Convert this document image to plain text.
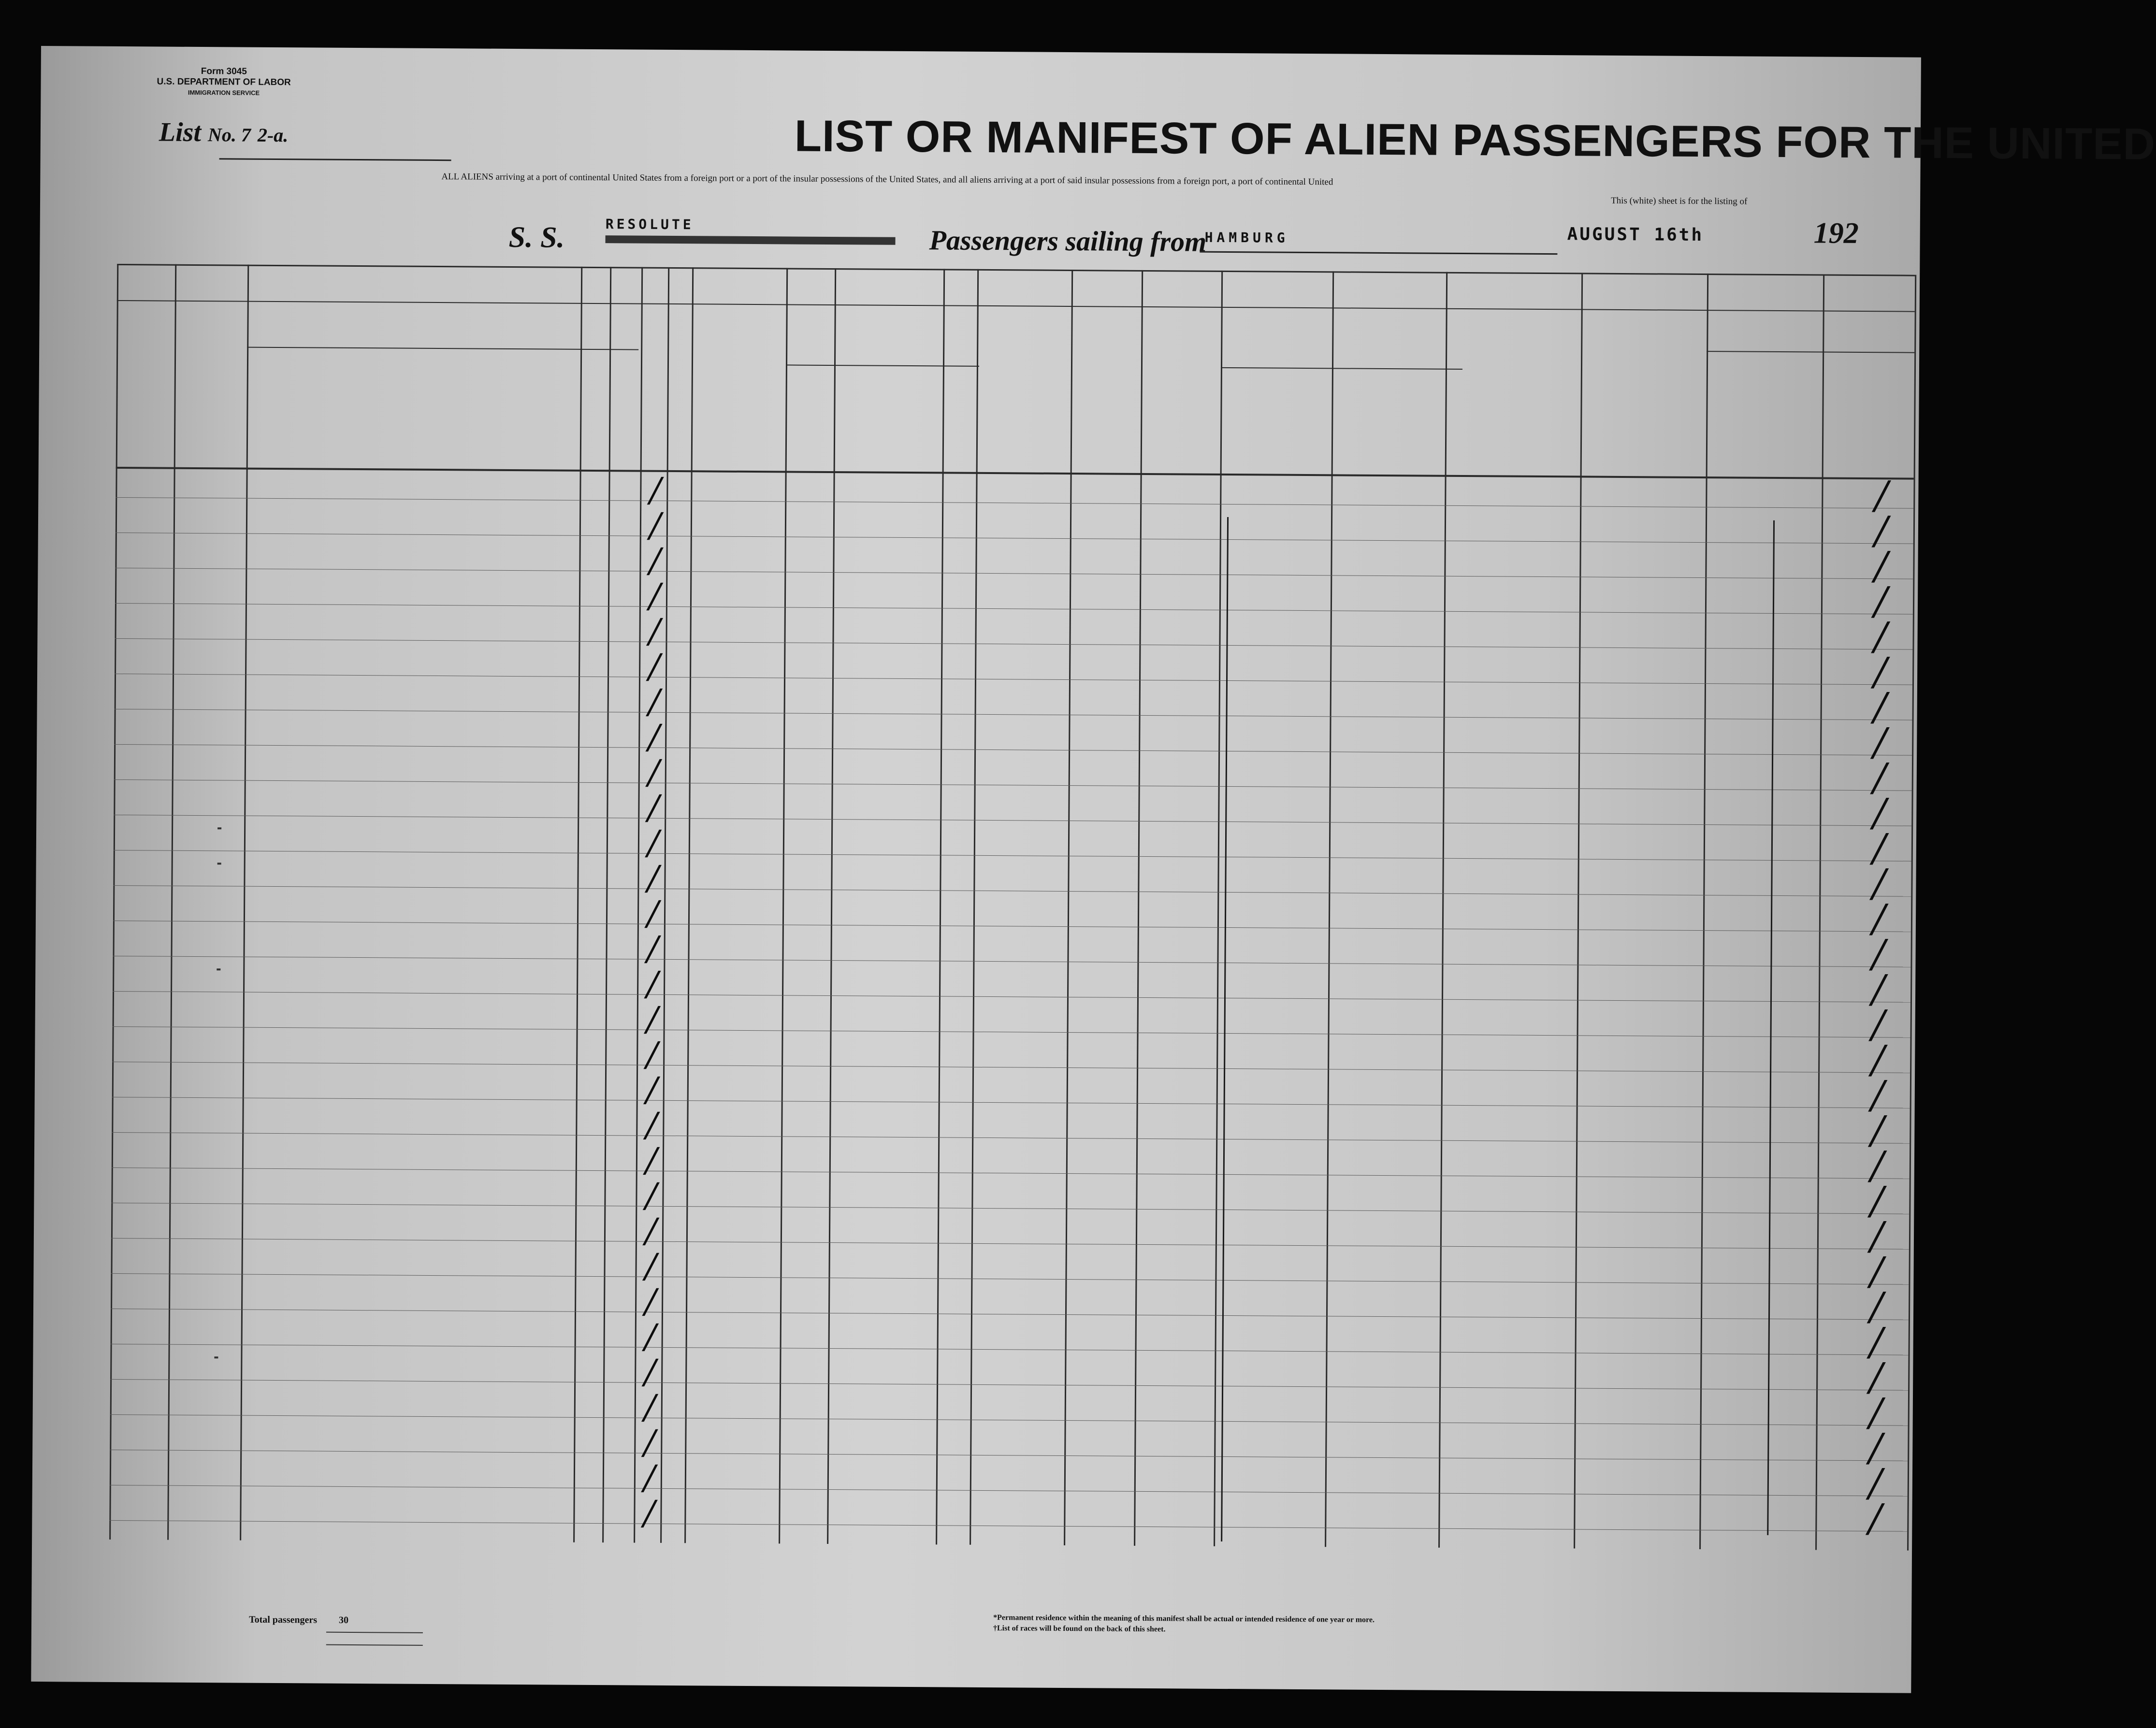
Form 3045
U.S. DEPARTMENT OF LABOR
IMMIGRATION SERVICE
List No. 7 2-a.	LIST OR MANIFEST OF ALIEN PASSENGERS FOR THE UNITED
ALL ALIENS arriving at a port of continental United States from a foreign port or a port of the insular possessions of the United States, and all aliens arriving at a port of said insular possessions from a foreign port, a port of continental United
This (white) sheet is for the listing of
S. S.	RESOLUTE
Passengers sailing from
HAMBURG	AUGUST 16th	192
/	/
/	/
/	/
/	/
/	/
/	/
/	/
/	/
/	/
/	/
/	/
/	/
/	/
/	/
/	/
/	/
/	/
/	/
/	/
/	/
/	/
/	/
/	/
/	/
/	/
/	/
/	/
/	/
/	/
/	/
Total passengers 30	*Permanent residence within the meaning of this manifest shall be actual or intended residence of one year or more.
†List of races will be found on the back of this sheet.
